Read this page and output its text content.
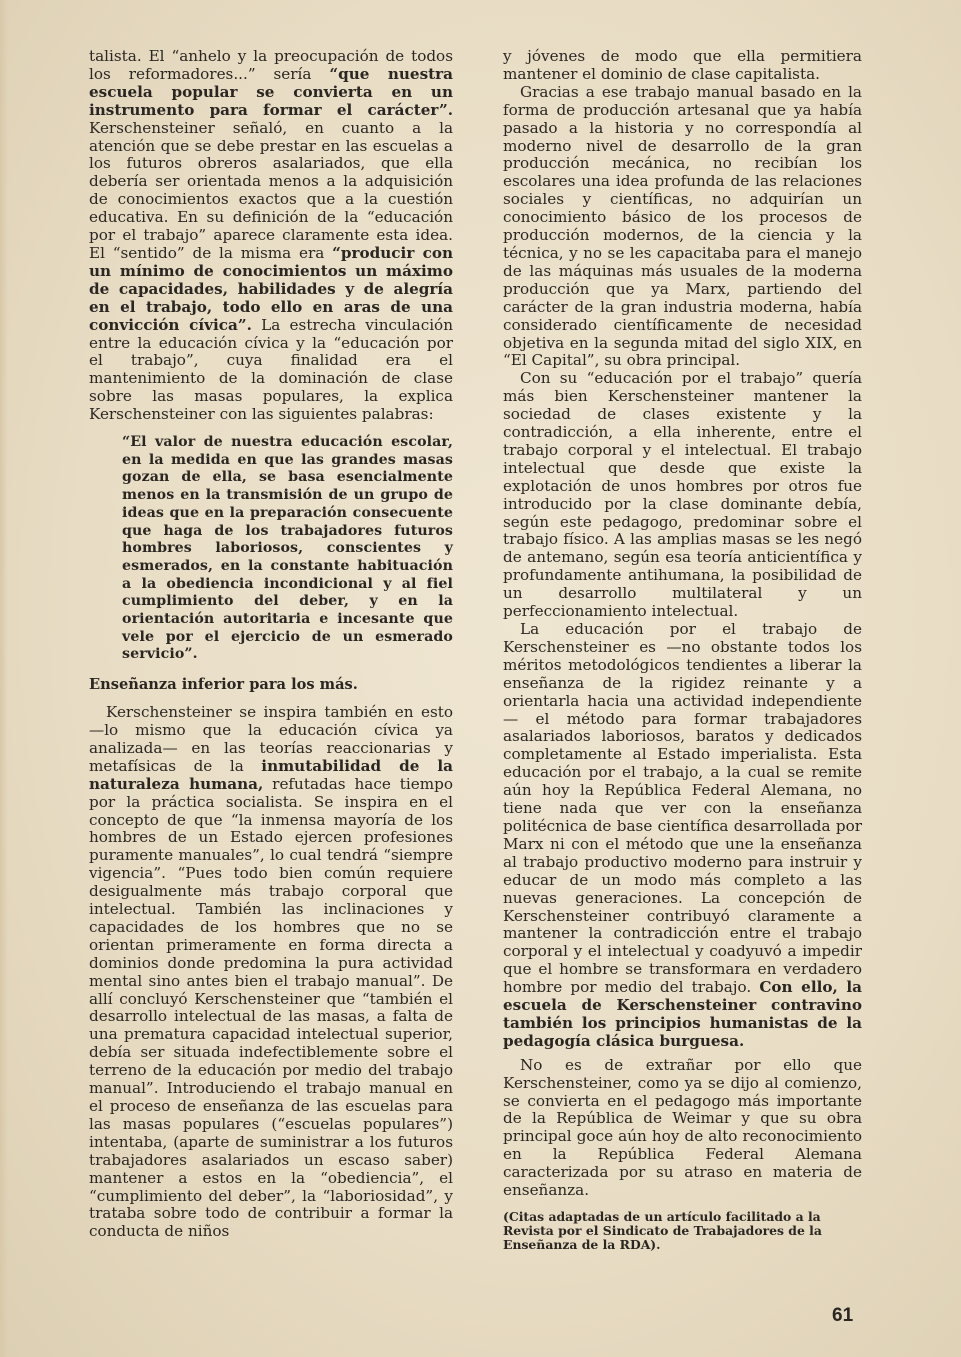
talista. El “anhelo y la preocupación de todos los reformadores...” sería “que nuestra escuela popular se convierta en un instrumento para formar el carácter”. Kerschensteiner señaló, en cuanto a la atención que se debe prestar en las escuelas a los futuros obreros asalariados, que ella debería ser orientada menos a la adquisición de conocimientos exactos que a la cuestión educativa. En su definición de la “educación por el trabajo” aparece claramente esta idea. El “sentido” de la misma era “producir con un mínimo de conocimientos un máximo de capacidades, habilidades y de alegría en el trabajo, todo ello en aras de una convicción cívica”. La estrecha vinculación entre la educación cívica y la “educación por el trabajo”, cuya finalidad era el mantenimiento de la dominación de clase sobre las masas populares, la explica Kerschensteiner con las siguientes palabras:

“El valor de nuestra educación escolar, en la medida en que las grandes masas gozan de ella, se basa esencialmente menos en la transmisión de un grupo de ideas que en la preparación consecuente que haga de los trabajadores futuros hombres laboriosos, conscientes y esmerados, en la constante habituación a la obediencia incondicional y al fiel cumplimiento del deber, y en la orientación autoritaria e incesante que vele por el ejercicio de un esmerado servicio”.

Enseñanza inferior para los más.

Kerschensteiner se inspira también en esto —lo mismo que la educación cívica ya analizada— en las teorías reaccionarias y metafísicas de la inmutabilidad de la naturaleza humana, refutadas hace tiempo por la práctica socialista. Se inspira en el concepto de que “la inmensa mayoría de los hombres de un Estado ejercen profesiones puramente manuales”, lo cual tendrá “siempre vigencia”. “Pues todo bien común requiere desigualmente más trabajo corporal que intelectual. También las inclinaciones y capacidades de los hombres que no se orientan primeramente en forma directa a dominios donde predomina la pura actividad mental sino antes bien el trabajo manual”. De allí concluyó Kerschensteiner que “también el desarrollo intelectual de las masas, a falta de una prematura capacidad intelectual superior, debía ser situada indefectiblemente sobre el terreno de la educación por medio del trabajo manual”. Introduciendo el trabajo manual en el proceso de enseñanza de las escuelas para las masas populares (“escuelas populares”) intentaba, (aparte de suministrar a los futuros trabajadores asalariados un escaso saber) mantener a estos en la “obediencia”, el “cumplimiento del deber”, la “laboriosidad”, y trataba sobre todo de contribuir a formar la conducta de niños

y jóvenes de modo que ella permitiera mantener el dominio de clase capitalista.

Gracias a ese trabajo manual basado en la forma de producción artesanal que ya había pasado a la historia y no correspondía al moderno nivel de desarrollo de la gran producción mecánica, no recibían los escolares una idea profunda de las relaciones sociales y científicas, no adquirían un conocimiento básico de los procesos de producción modernos, de la ciencia y la técnica, y no se les capacitaba para el manejo de las máquinas más usuales de la moderna producción que ya Marx, partiendo del carácter de la gran industria moderna, había considerado científicamente de necesidad objetiva en la segunda mitad del siglo XIX, en “El Capital”, su obra principal.

Con su “educación por el trabajo” quería más bien Kerschensteiner mantener la sociedad de clases existente y la contradicción, a ella inherente, entre el trabajo corporal y el intelectual. El trabajo intelectual que desde que existe la explotación de unos hombres por otros fue introducido por la clase dominante debía, según este pedagogo, predominar sobre el trabajo físico. A las amplias masas se les negó de antemano, según esa teoría anticientífica y profundamente antihumana, la posibilidad de un desarrollo multilateral y un perfeccionamiento intelectual.

La educación por el trabajo de Kerschensteiner es —no obstante todos los méritos metodológicos tendientes a liberar la enseñanza de la rigidez reinante y a orientarla hacia una actividad independiente— el método para formar trabajadores asalariados laboriosos, baratos y dedicados completamente al Estado imperialista. Esta educación por el trabajo, a la cual se remite aún hoy la República Federal Alemana, no tiene nada que ver con la enseñanza politécnica de base científica desarrollada por Marx ni con el método que une la enseñanza al trabajo productivo moderno para instruir y educar de un modo más completo a las nuevas generaciones. La concepción de Kerschensteiner contribuyó claramente a mantener la contradicción entre el trabajo corporal y el intelectual y coadyuvó a impedir que el hombre se transformara en verdadero hombre por medio del trabajo. Con ello, la escuela de Kerschensteiner contravino también los principios humanistas de la pedagogía clásica burguesa.

No es de extrañar por ello que Kerschensteiner, como ya se dijo al comienzo, se convierta en el pedagogo más importante de la República de Weimar y que su obra principal goce aún hoy de alto reconocimiento en la República Federal Alemana caracterizada por su atraso en materia de enseñanza.

(Citas adaptadas de un artículo facilitado a la Revista por el Sindicato de Trabajadores de la Enseñanza de la RDA).

61
